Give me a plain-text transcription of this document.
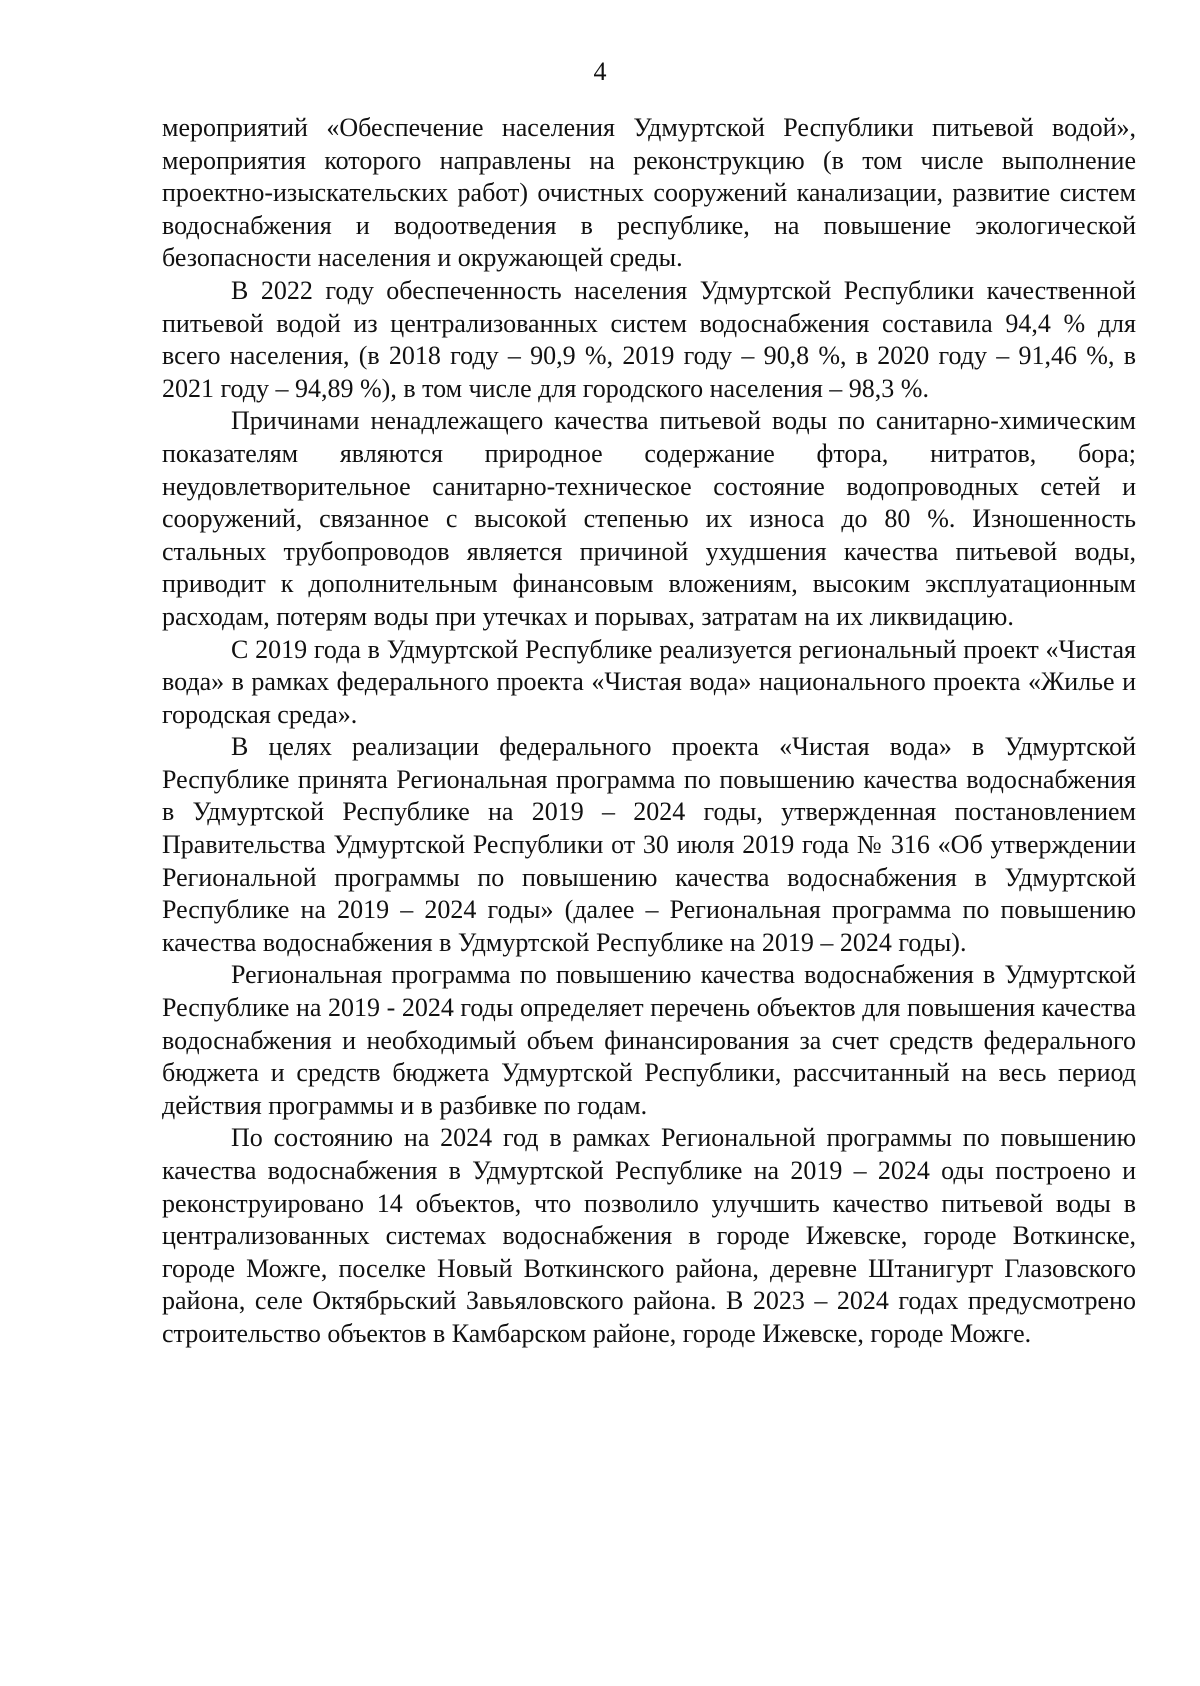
4

мероприятий «Обеспечение населения Удмуртской Республики питьевой водой», мероприятия которого направлены на реконструкцию (в том числе выполнение проектно-изыскательских работ) очистных сооружений канализации, развитие систем водоснабжения и водоотведения в республике, на повышение экологической безопасности населения и окружающей среды.

В 2022 году обеспеченность населения Удмуртской Республики качественной питьевой водой из централизованных систем водоснабжения составила 94,4 % для всего населения, (в 2018 году – 90,9 %, 2019 году – 90,8 %, в 2020 году – 91,46 %, в 2021 году – 94,89 %), в том числе для городского населения – 98,3 %.

Причинами ненадлежащего качества питьевой воды по санитарно-химическим показателям являются природное содержание фтора, нитратов, бора; неудовлетворительное санитарно-техническое состояние водопроводных сетей и сооружений, связанное с высокой степенью их износа до 80 %. Изношенность стальных трубопроводов является причиной ухудшения качества питьевой воды, приводит к дополнительным финансовым вложениям, высоким эксплуатационным расходам, потерям воды при утечках и порывах, затратам на их ликвидацию.

С 2019 года в Удмуртской Республике реализуется региональный проект «Чистая вода» в рамках федерального проекта «Чистая вода» национального проекта «Жилье и городская среда».

В целях реализации федерального проекта «Чистая вода» в Удмуртской Республике принята Региональная программа по повышению качества водоснабжения в Удмуртской Республике на 2019 – 2024 годы, утвержденная постановлением Правительства Удмуртской Республики от 30 июля 2019 года № 316 «Об утверждении Региональной программы по повышению качества водоснабжения в Удмуртской Республике на 2019 – 2024 годы» (далее – Региональная программа по повышению качества водоснабжения в Удмуртской Республике на 2019 – 2024 годы).

Региональная программа по повышению качества водоснабжения в Удмуртской Республике на 2019 - 2024 годы определяет перечень объектов для повышения качества водоснабжения и необходимый объем финансирования за счет средств федерального бюджета и средств бюджета Удмуртской Республики, рассчитанный на весь период действия программы и в разбивке по годам.

По состоянию на 2024 год в рамках Региональной программы по повышению качества водоснабжения в Удмуртской Республике на 2019 – 2024 оды построено и реконструировано 14 объектов, что позволило улучшить качество питьевой воды в централизованных системах водоснабжения в городе Ижевске, городе Воткинске, городе Можге, поселке Новый Воткинского района, деревне Штанигурт Глазовского района, селе Октябрьский Завьяловского района. В 2023 – 2024 годах предусмотрено строительство объектов в Камбарском районе, городе Ижевске, городе Можге.
